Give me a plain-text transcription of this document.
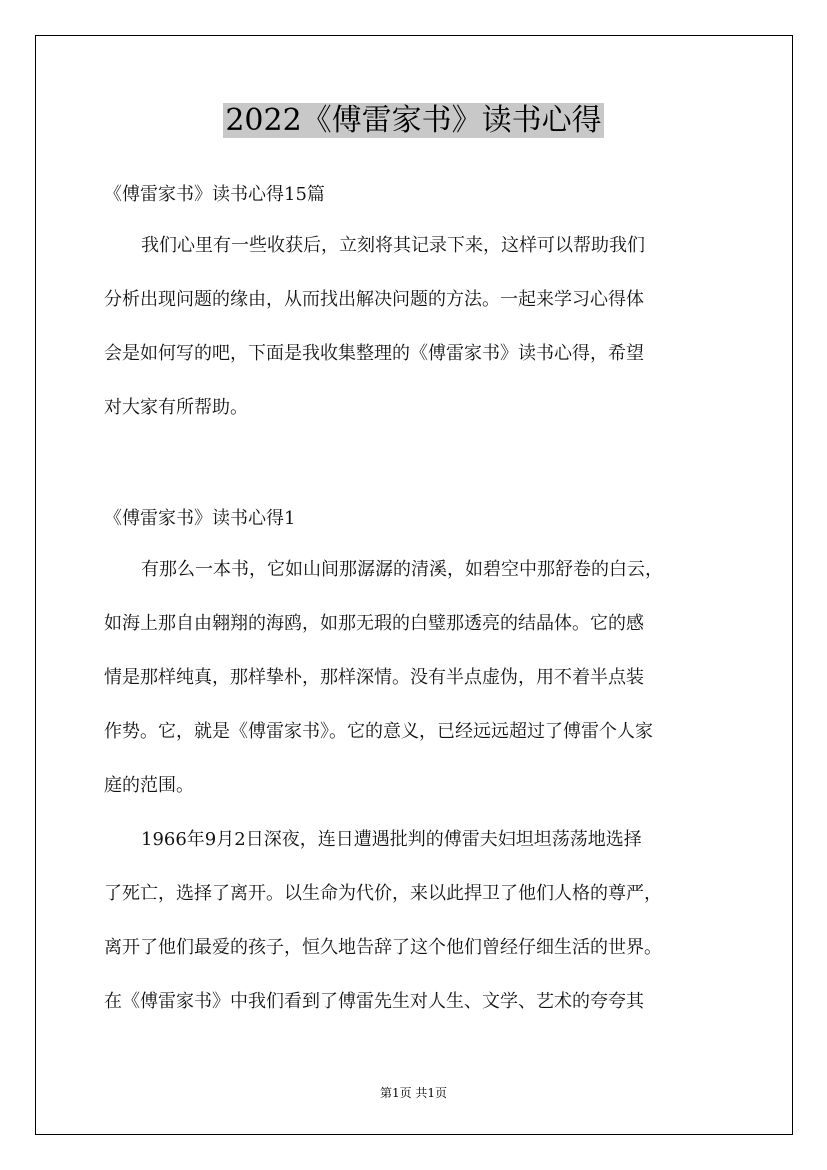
2022《傅雷家书》读书心得

《傅雷家书》读书心得15篇

我们心里有一些收获后，立刻将其记录下来，这样可以帮助我们
分析出现问题的缘由，从而找出解决问题的方法。一起来学习心得体
会是如何写的吧，下面是我收集整理的《傅雷家书》读书心得，希望
对大家有所帮助。

《傅雷家书》读书心得1

有那么一本书，它如山间那潺潺的清溪，如碧空中那舒卷的白云，
如海上那自由翱翔的海鸥，如那无瑕的白璧那透亮的结晶体。它的感
情是那样纯真，那样挚朴，那样深情。没有半点虚伪，用不着半点装
作势。它，就是《傅雷家书》。它的意义，已经远远超过了傅雷个人家
庭的范围。
1966年9月2日深夜，连日遭遇批判的傅雷夫妇坦坦荡荡地选择
了死亡，选择了离开。以生命为代价，来以此捍卫了他们人格的尊严，
离开了他们最爱的孩子，恒久地告辞了这个他们曾经仔细生活的世界。
在《傅雷家书》中我们看到了傅雷先生对人生、文学、艺术的夸夸其
第1页 共1页
